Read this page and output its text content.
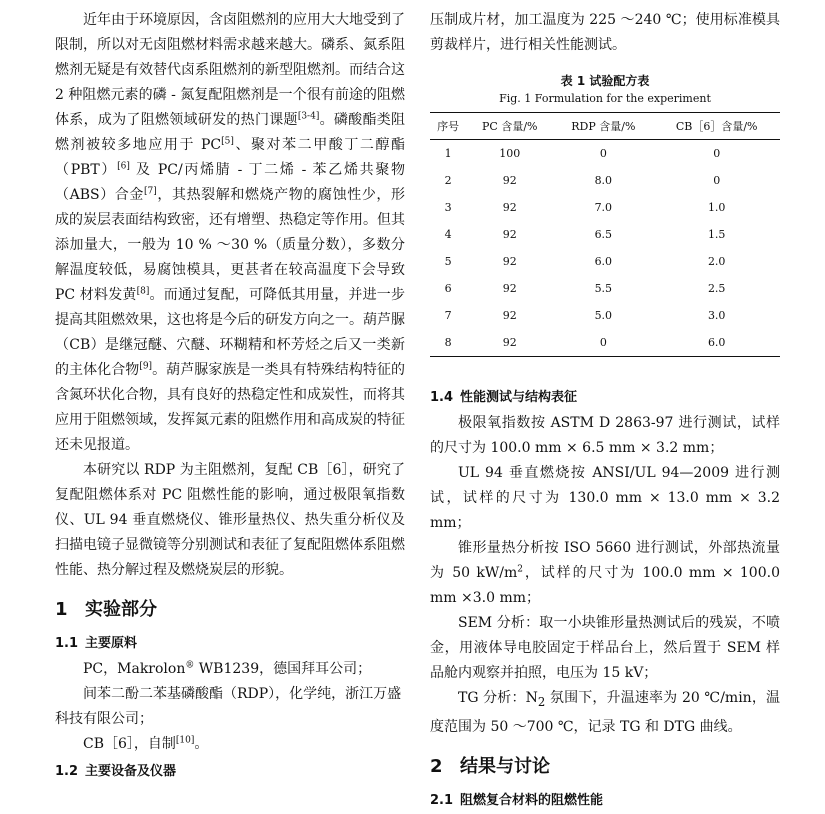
近年由于环境原因，含卤阻燃剂的应用大大地受到了限制，所以对无卤阻燃材料需求越来越大。磷系、氮系阻燃剂无疑是有效替代卤系阻燃剂的新型阻燃剂。而结合这 2 种阻燃元素的磷 - 氮复配阻燃剂是一个很有前途的阻燃体系，成为了阻燃领域研发的热门课题[3-4]。磷酸酯类阻燃剂被较多地应用于 PC[5]、聚对苯二甲酸丁二醇酯（PBT）[6] 及 PC/丙烯腈 - 丁二烯 - 苯乙烯共聚物（ABS）合金[7]，其热裂解和燃烧产物的腐蚀性少，形成的炭层表面结构致密，还有增塑、热稳定等作用。但其添加量大，一般为 10 % ～30 %（质量分数），多数分解温度较低，易腐蚀模具，更甚者在较高温度下会导致 PC 材料发黄[8]。而通过复配，可降低其用量，并进一步提高其阻燃效果，这也将是今后的研发方向之一。葫芦脲（CB）是继冠醚、穴醚、环糊精和杯芳烃之后又一类新的主体化合物[9]。葫芦脲家族是一类具有特殊结构特征的含氮环状化合物，具有良好的热稳定性和成炭性，而将其应用于阻燃领域，发挥氮元素的阻燃作用和高成炭的特征还未见报道。

本研究以 RDP 为主阻燃剂，复配 CB［6］，研究了复配阻燃体系对 PC 阻燃性能的影响，通过极限氧指数仪、UL 94 垂直燃烧仪、锥形量热仪、热失重分析仪及扫描电镜子显微镜等分别测试和表征了复配阻燃体系阻燃性能、热分解过程及燃烧炭层的形貌。

1 实验部分
1.1 主要原料

PC，Makrolon® WB1239，德国拜耳公司；

间苯二酚二苯基磷酸酯（RDP），化学纯，浙江万盛

科技有限公司；

CB［6］，自制[10]。

1.2 主要设备及仪器

压制成片材，加工温度为 225 ～240 ℃；使用标准模具剪裁样片，进行相关性能测试。

表 1 试验配方表
Fig. 1 Formulation for the experiment
序号	PC 含量/%	RDP 含量/%	CB［6］含量/%
1	100	0	0
2	92	8.0	0
3	92	7.0	1.0
4	92	6.5	1.5
5	92	6.0	2.0
6	92	5.5	2.5
7	92	5.0	3.0
8	92	0	6.0
1.4 性能测试与结构表征

极限氧指数按 ASTM D 2863-97 进行测试，试样的尺寸为 100.0 mm × 6.5 mm × 3.2 mm；

UL 94 垂直燃烧按 ANSI/UL 94—2009 进行测试，试样的尺寸为 130.0 mm × 13.0 mm × 3.2 mm；

锥形量热分析按 ISO 5660 进行测试，外部热流量为 50 $kW/m^2$，试样的尺寸为 100.0 mm × 100.0 mm ×3.0 mm；

SEM 分析：取一小块锥形量热测试后的残炭，不喷金，用液体导电胶固定于样品台上，然后置于 SEM 样品舱内观察并拍照，电压为 15 kV；

TG 分析：$N_2$ 氛围下，升温速率为 20 ℃/min，温度范围为 50 ～700 ℃，记录 TG 和 DTG 曲线。

2 结果与讨论
2.1 阻燃复合材料的阻燃性能
